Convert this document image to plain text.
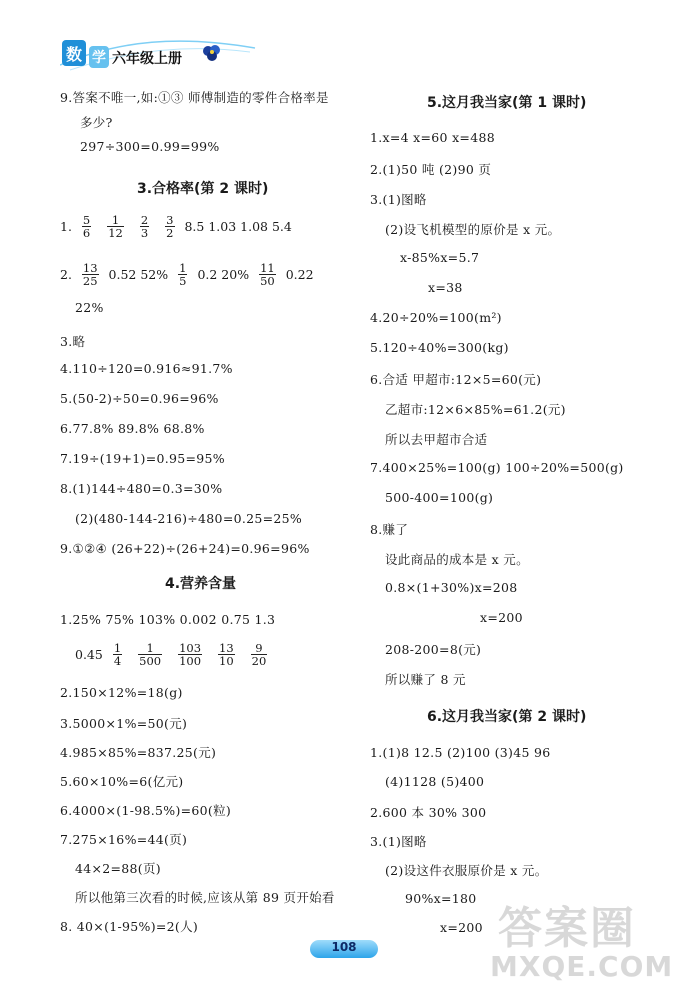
数 学 六年级上册
9.答案不唯一,如:①③ 师傅制造的零件合格率是
多少?
297÷300=0.99=99%
3.合格率(第 2 课时)
1. $\frac{5}{6}$
$\frac{1}{12}$
$\frac{2}{3}$
$\frac{3}{2} 8.5$ 1.03 1.08 5.4
2. $\frac{13}{25} 0.52$ $52\% \frac{1}{5} 0.2$ $20\% \frac{11}{50} 0.22$
22%
3.略
4.110÷120=0.916≈91.7%
5.(50-2)÷50=0.96=96%
6.77.8% 89.8% 68.8%
7.19÷(19+1)=0.95=95%
8.(1)144÷480=0.3=30%
(2)(480-144-216)÷480=0.25=25%
9.①②④ (26+22)÷(26+24)=0.96=96%
4.营养含量
1.25% 75% 103% 0.002 0.75 1.3
$0.45 \frac{1}{4}$
$\frac{1}{500}$
$\frac{103}{100}$
$\frac{13}{10}$
$\frac{9}{20}$
2.150×12%=18(g)
3.5000×1%=50(元)
4.985×85%=837.25(元)
5.60×10%=6(亿元)
6.4000×(1-98.5%)=60(粒)
7.275×16%=44(页)
44×2=88(页)
所以他第三次看的时候,应该从第 89 页开始看
8. 40×(1-95%)=2(人)
5.这月我当家(第 1 课时)
1.x=4 x=60 x=488
2.(1)50 吨 (2)90 页
3.(1)图略
(2)设飞机模型的原价是 x 元。
x-85%x=5.7
x=38
4.20÷20%=100(m²)
5.120÷40%=300(kg)
6.合适 甲超市:12×5=60(元)
乙超市:12×6×85%=61.2(元)
所以去甲超市合适
7.400×25%=100(g) 100÷20%=500(g)
500-400=100(g)
8.赚了
设此商品的成本是 x 元。
0.8×(1+30%)x=208
x=200
208-200=8(元)
所以赚了 8 元
6.这月我当家(第 2 课时)
1.(1)8 12.5 (2)100 (3)45 96
(4)1128 (5)400
2.600 本 30% 300
3.(1)图略
(2)设这件衣服原价是 x 元。
90%x=180
x=200
108	答案圈
MXQE.COM
